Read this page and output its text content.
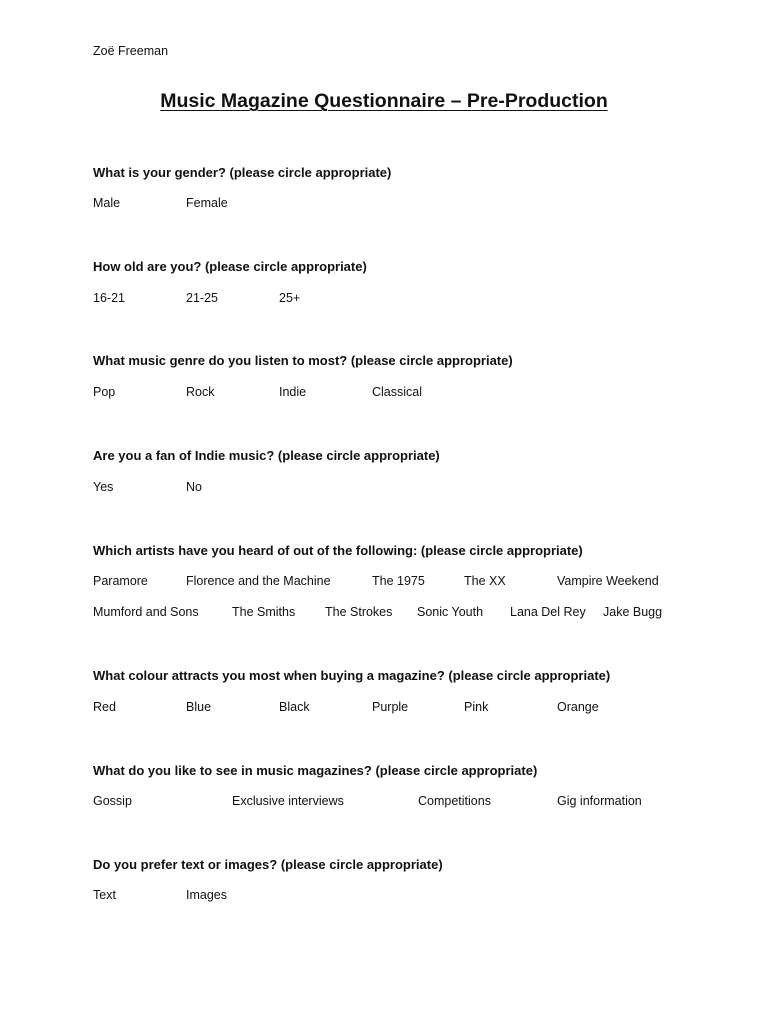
Zoë Freeman
Music Magazine Questionnaire – Pre-Production
What is your gender? (please circle appropriate)
Male	Female
How old are you? (please circle appropriate)
16-21	21-25	25+
What music genre do you listen to most? (please circle appropriate)
Pop	Rock	Indie	Classical
Are you a fan of Indie music? (please circle appropriate)
Yes	No
Which artists have you heard of out of the following: (please circle appropriate)
Paramore	Florence and the Machine	The 1975	The XX	Vampire Weekend
Mumford and Sons	The Smiths The Strokes Sonic Youth Lana Del Rey Jake Bugg
What colour attracts you most when buying a magazine? (please circle appropriate)
Red	Blue	Black	Purple	Pink	Orange
What do you like to see in music magazines? (please circle appropriate)
Gossip	Exclusive interviews	Competitions	Gig information
Do you prefer text or images? (please circle appropriate)
Text	Images
